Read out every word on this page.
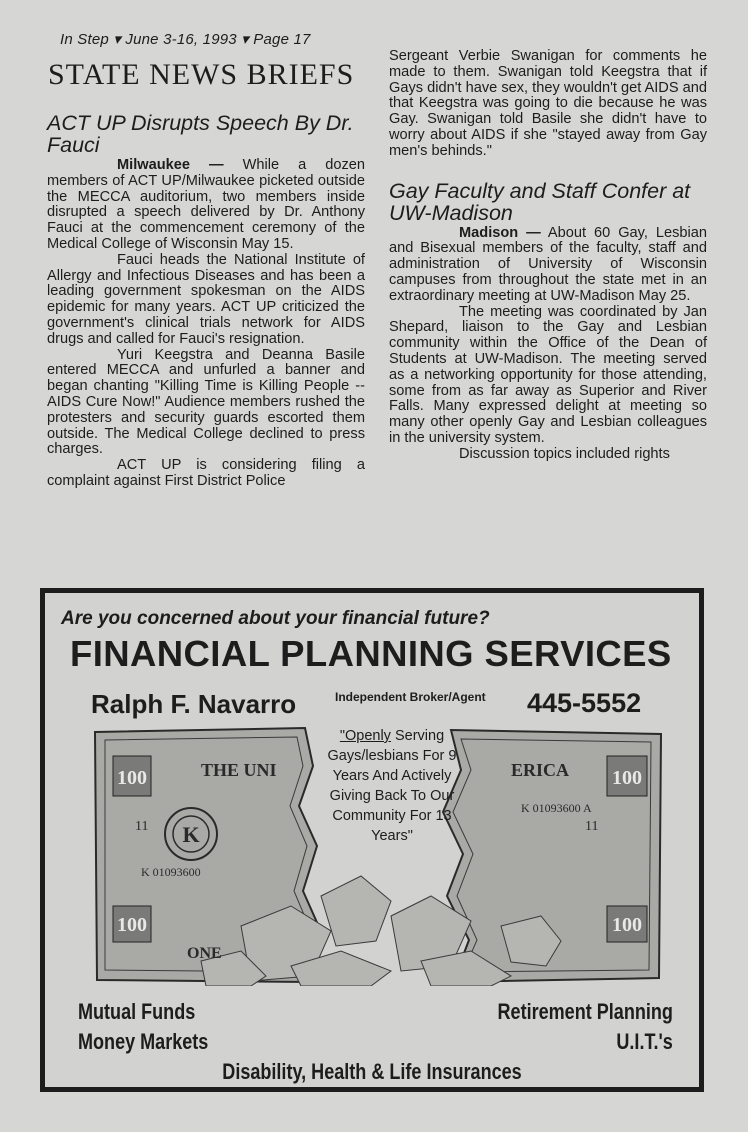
In Step ▾ June 3-16, 1993 ▾ Page 17
STATE NEWS BRIEFS
ACT UP Disrupts Speech By Dr. Fauci

Milwaukee — While a dozen members of ACT UP/Milwaukee picketed outside the MECCA auditorium, two members inside disrupted a speech delivered by Dr. Anthony Fauci at the commencement ceremony of the Medical College of Wisconsin May 15.

Fauci heads the National Institute of Allergy and Infectious Diseases and has been a leading government spokesman on the AIDS epidemic for many years. ACT UP criticized the government's clinical trials network for AIDS drugs and called for Fauci's resignation.

Yuri Keegstra and Deanna Basile entered MECCA and unfurled a banner and began chanting "Killing Time is Killing People -- AIDS Cure Now!" Audience members rushed the protesters and security guards escorted them outside. The Medical College declined to press charges.

ACT UP is considering filing a complaint against First District Police

Sergeant Verbie Swanigan for comments he made to them. Swanigan told Keegstra that if Gays didn't have sex, they wouldn't get AIDS and that Keegstra was going to die because he was Gay. Swanigan told Basile she didn't have to worry about AIDS if she "stayed away from Gay men's behinds."

Gay Faculty and Staff Confer at UW-Madison

Madison — About 60 Gay, Lesbian and Bisexual members of the faculty, staff and administration of University of Wisconsin campuses from throughout the state met in an extraordinary meeting at UW-Madison May 25.

The meeting was coordinated by Jan Shepard, liaison to the Gay and Lesbian community within the Office of the Dean of Students at UW-Madison. The meeting served as a networking opportunity for those attending, some from as far away as Superior and River Falls. Many expressed delight at meeting so many other openly Gay and Lesbian colleagues in the university system.

Discussion topics included rights

Are you concerned about your financial future?
FINANCIAL PLANNING SERVICES
Ralph F. Navarro	Independent Broker/Agent 445-5552
100
100
100
100
THE UNI	ERICA
K
11	11
K 01093600
K 01093600 A
ONE
"Openly Serving Gays/lesbians For 9 Years And Actively Giving Back To Our Community For 13 Years"
Mutual Funds
Money Markets
Retirement Planning
U.I.T.'s
Disability, Health & Life Insurances
